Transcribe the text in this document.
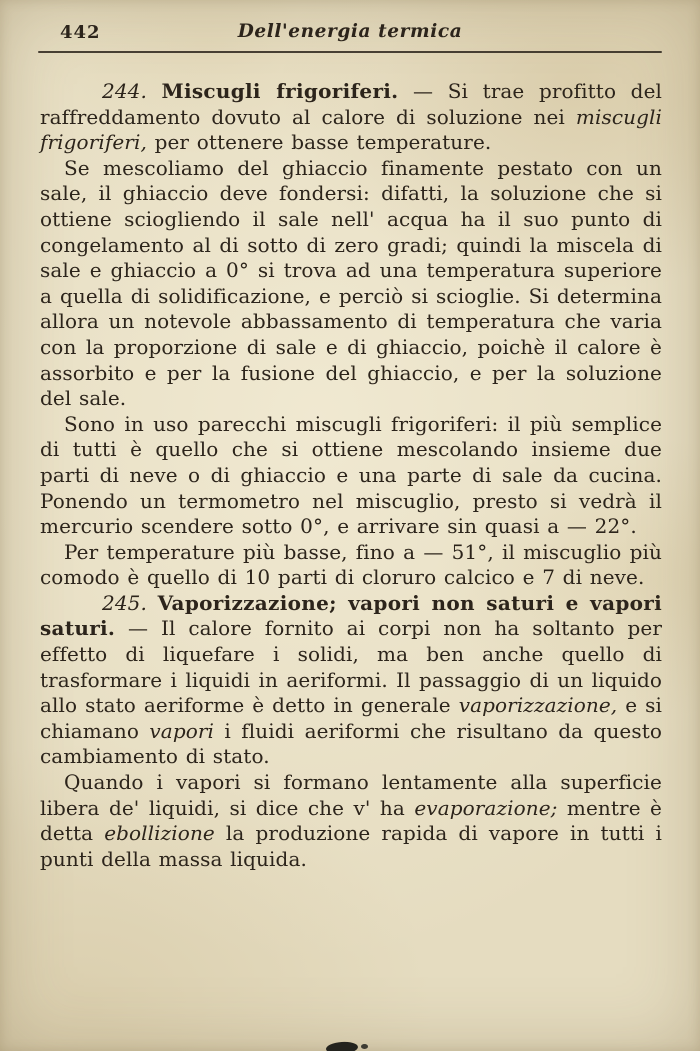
442	Dell'energia termica

244. Miscugli frigoriferi. — Si trae profitto del raffreddamento dovuto al calore di soluzione nei miscugli frigoriferi, per ottenere basse temperature.

Se mescoliamo del ghiaccio finamente pestato con un sale, il ghiaccio deve fondersi: difatti, la soluzione che si ottiene sciogliendo il sale nell' acqua ha il suo punto di congelamento al di sotto di zero gradi; quindi la miscela di sale e ghiaccio a 0° si trova ad una temperatura superiore a quella di solidificazione, e perciò si scioglie. Si determina allora un notevole abbassamento di temperatura che varia con la proporzione di sale e di ghiaccio, poichè il calore è assorbito e per la fusione del ghiaccio, e per la soluzione del sale.

Sono in uso parecchi miscugli frigoriferi: il più semplice di tutti è quello che si ottiene mescolando insieme due parti di neve o di ghiaccio e una parte di sale da cucina. Ponendo un termometro nel miscuglio, presto si vedrà il mercurio scendere sotto 0°, e arrivare sin quasi a — 22°.

Per temperature più basse, fino a — 51°, il miscuglio più comodo è quello di 10 parti di cloruro calcico e 7 di neve.

245. Vaporizzazione; vapori non saturi e vapori saturi. — Il calore fornito ai corpi non ha soltanto per effetto di liquefare i solidi, ma ben anche quello di trasformare i liquidi in aeriformi. Il passaggio di un liquido allo stato aeriforme è detto in generale vaporizzazione, e si chiamano vapori i fluidi aeriformi che risultano da questo cambiamento di stato.

Quando i vapori si formano lentamente alla superficie libera de' liquidi, si dice che v' ha evaporazione; mentre è detta ebollizione la produzione rapida di vapore in tutti i punti della massa liquida.
